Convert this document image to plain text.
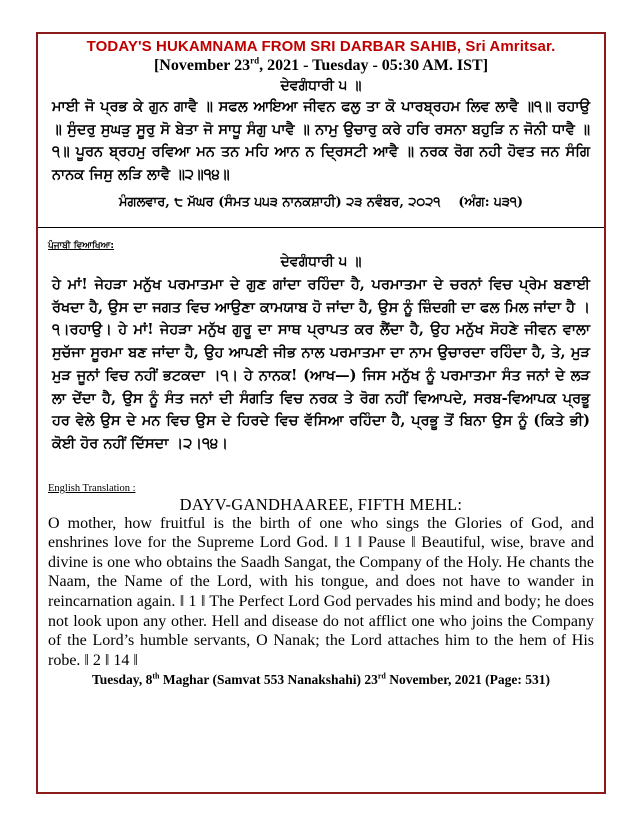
TODAY'S HUKAMNAMA FROM SRI DARBAR SAHIB, Sri Amritsar.
[November 23rd, 2021 - Tuesday - 05:30 AM. IST]
ਦੇਵਗੰਧਾਰੀ ੫ ॥
ਮਾਈ ਜੋ ਪ੍ਰਭ ਕੇ ਗੁਨ ਗਾਵੈ ॥ ਸਫਲ ਆਇਆ ਜੀਵਨ ਫਲੁ ਤਾ ਕੋ ਪਾਰਬ੍ਰਹਮ ਲਿਵ ਲਾਵੈ ॥੧॥ ਰਹਾਉ ॥ ਸੁੰਦਰੁ ਸੁਘੜੁ ਸੂਰੁ ਸੋ ਬੇਤਾ ਜੋ ਸਾਧੂ ਸੰਗੁ ਪਾਵੈ ॥ ਨਾਮੁ ਉਚਾਰੁ ਕਰੇ ਹਰਿ ਰਸਨਾ ਬਹੁੜਿ ਨ ਜੋਨੀ ਧਾਵੈ ॥੧॥ ਪੂਰਨ ਬ੍ਰਹਮੁ ਰਵਿਆ ਮਨ ਤਨ ਮਹਿ ਆਨ ਨ ਦ੍ਰਿਸਟੀ ਆਵੈ ॥ ਨਰਕ ਰੋਗ ਨਹੀ ਹੋਵਤ ਜਨ ਸੰਗਿ ਨਾਨਕ ਜਿਸੁ ਲੜਿ ਲਾਵੈ ॥੨॥੧੪॥
ਮੰਗਲਵਾਰ, ੮ ਮੱਘਰ (ਸੰਮਤ ੫੫੩ ਨਾਨਕਸ਼ਾਹੀ) ੨੩ ਨਵੰਬਰ, ੨੦੨੧ (ਅੰਗ: ੫੩੧)
ਪੰਜਾਬੀ ਵਿਆਖਿਆ:
ਦੇਵਗੰਧਾਰੀ ੫ ॥
ਹੇ ਮਾਂ! ਜੇਹੜਾ ਮਨੁੱਖ ਪਰਮਾਤਮਾ ਦੇ ਗੁਣ ਗਾਂਦਾ ਰਹਿੰਦਾ ਹੈ, ਪਰਮਾਤਮਾ ਦੇ ਚਰਨਾਂ ਵਿਚ ਪ੍ਰੇਮ ਬਣਾਈ ਰੱਖਦਾ ਹੈ, ਉਸ ਦਾ ਜਗਤ ਵਿਚ ਆਉਣਾ ਕਾਮਯਾਬ ਹੋ ਜਾਂਦਾ ਹੈ, ਉਸ ਨੂੰ ਜ਼ਿੰਦਗੀ ਦਾ ਫਲ ਮਿਲ ਜਾਂਦਾ ਹੈ ।੧।ਰਹਾਉ। ਹੇ ਮਾਂ! ਜੇਹੜਾ ਮਨੁੱਖ ਗੁਰੂ ਦਾ ਸਾਥ ਪ੍ਰਾਪਤ ਕਰ ਲੈਂਦਾ ਹੈ, ਉਹ ਮਨੁੱਖ ਸੋਹਣੇ ਜੀਵਨ ਵਾਲਾ ਸੁਚੱਜਾ ਸੂਰਮਾ ਬਣ ਜਾਂਦਾ ਹੈ, ਉਹ ਆਪਣੀ ਜੀਭ ਨਾਲ ਪਰਮਾਤਮਾ ਦਾ ਨਾਮ ਉਚਾਰਦਾ ਰਹਿੰਦਾ ਹੈ, ਤੇ, ਮੁੜ ਮੁੜ ਜੂਨਾਂ ਵਿਚ ਨਹੀਂ ਭਟਕਦਾ ।੧। ਹੇ ਨਾਨਕ! (ਆਖ—) ਜਿਸ ਮਨੁੱਖ ਨੂੰ ਪਰਮਾਤਮਾ ਸੰਤ ਜਨਾਂ ਦੇ ਲੜ ਲਾ ਦੇਂਦਾ ਹੈ, ਉਸ ਨੂੰ ਸੰਤ ਜਨਾਂ ਦੀ ਸੰਗਤਿ ਵਿਚ ਨਰਕ ਤੇ ਰੋਗ ਨਹੀਂ ਵਿਆਪਦੇ, ਸਰਬ-ਵਿਆਪਕ ਪ੍ਰਭੂ ਹਰ ਵੇਲੇ ਉਸ ਦੇ ਮਨ ਵਿਚ ਉਸ ਦੇ ਹਿਰਦੇ ਵਿਚ ਵੱਸਿਆ ਰਹਿੰਦਾ ਹੈ, ਪ੍ਰਭੂ ਤੋਂ ਬਿਨਾ ਉਸ ਨੂੰ (ਕਿਤੇ ਭੀ) ਕੋਈ ਹੋਰ ਨਹੀਂ ਦਿੱਸਦਾ ।੨।੧੪।
English Translation :
DAYV-GANDHAAREE, FIFTH MEHL:
O mother, how fruitful is the birth of one who sings the Glories of God, and enshrines love for the Supreme Lord God. ‖ 1 ‖ Pause ‖ Beautiful, wise, brave and divine is one who obtains the Saadh Sangat, the Company of the Holy. He chants the Naam, the Name of the Lord, with his tongue, and does not have to wander in reincarnation again. ‖ 1 ‖ The Perfect Lord God pervades his mind and body; he does not look upon any other. Hell and disease do not afflict one who joins the Company of the Lord’s humble servants, O Nanak; the Lord attaches him to the hem of His robe. ‖ 2 ‖ 14 ‖
Tuesday, 8th Maghar (Samvat 553 Nanakshahi) 23rd November, 2021 (Page: 531)
